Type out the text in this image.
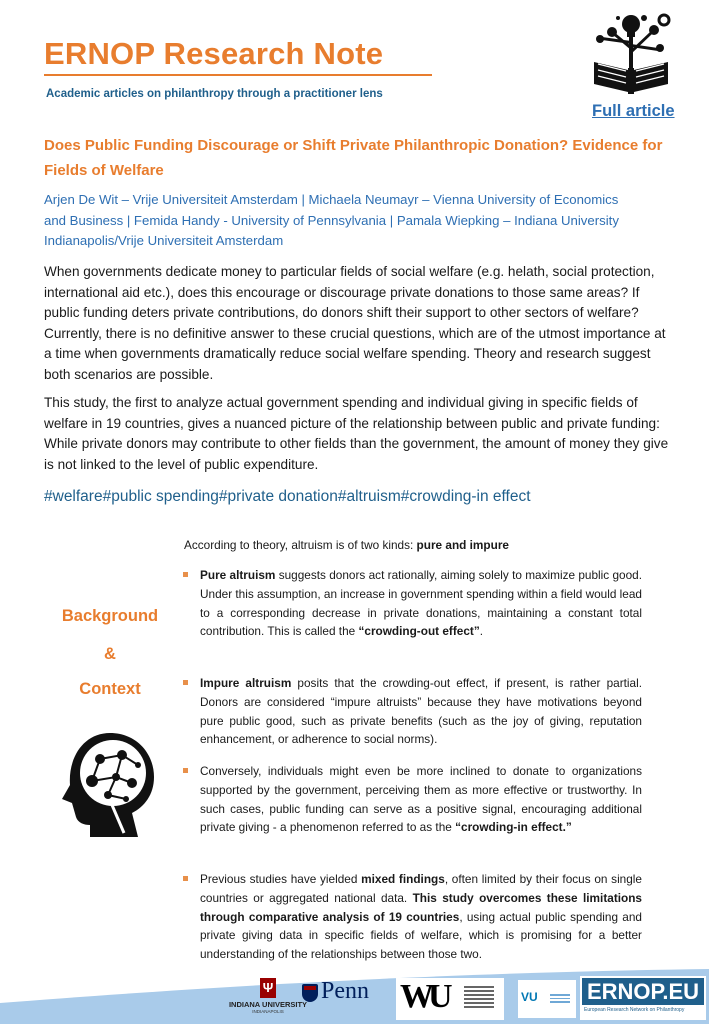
ERNOP Research Note
Academic articles on philanthropy through a practitioner lens
Full article
Does Public Funding Discourage or Shift Private Philanthropic Donation? Evidence for Fields of Welfare
Arjen De Wit – Vrije Universiteit Amsterdam | Michaela Neumayr – Vienna University of Economics and Business | Femida Handy - University of Pennsylvania | Pamala Wiepking – Indiana University Indianapolis/Vrije Universiteit Amsterdam

When governments dedicate money to particular fields of social welfare (e.g. helath, social protection, international aid etc.), does this encourage or discourage private donations to those same areas? If public funding deters private contributions, do donors shift their support to other sectors of welfare? Currently, there is no definitive answer to these crucial questions, which are of the utmost importance at a time when governments dramatically reduce social welfare spending. Theory and research suggest both scenarios are possible.

This study, the first to analyze actual government spending and individual giving in specific fields of welfare in 19 countries, gives a nuanced picture of the relationship between public and private funding: While private donors may contribute to other fields than the government, the amount of money they give is not linked to the level of public expenditure.

#welfare#public spending#private donation#altruism#crowding-in effect
Background
&
Context
According to theory, altruism is of two kinds: pure and impure
Pure altruism suggests donors act rationally, aiming solely to maximize public good. Under this assumption, an increase in government spending within a field would lead to a corresponding decrease in private donations, maintaining a constant total contribution. This is called the “crowding-out effect”.
Impure altruism posits that the crowding-out effect, if present, is rather partial. Donors are considered “impure altruists” because they have motivations beyond pure public good, such as private benefits (such as the joy of giving, reputation enhancement, or adherence to social norms).
Conversely, individuals might even be more inclined to donate to organizations supported by the government, perceiving them as more effective or trustworthy. In such cases, public funding can serve as a positive signal, encouraging additional private giving - a phenomenon referred to as the “crowding-in effect.”
Previous studies have yielded mixed findings, often limited by their focus on single countries or aggregated national data. This study overcomes these limitations through comparative analysis of 19 countries, using actual public spending and private giving data in specific fields of welfare, which is promising for a better understanding of the relationships between those two.
Ψ
INDIANA UNIVERSITY
INDIANAPOLIS
Penn WU	VU ERNOP.EU
European Research Network on Philanthropy
